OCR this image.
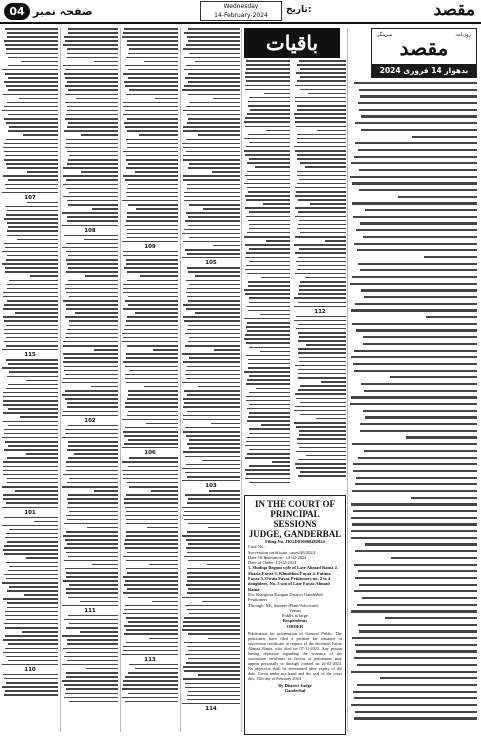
صفحہ نمبر
04	Wednesday
14-February-2024
تاریخ:	مقصد
سرینگر	روزنامہ
مقصد
بدھوار 14 فروری 2024
باقیات
107
115
101
110
108
102
111
109
106
113
105
103
114
112
IN THE COURT OF
PRINCIPAL SESSIONS
JUDGE, GANDERBAL
Filing No. JKGD010000482024
Case No.:
Succession certificate. cases/46/2024
Date Of Institution : 13-02-2024
Date of Order: 13-02-2024
1. Shafiqa Begum wife of Late Ahmad Raina 2. Shazia Fayaz 3. Khushboo Fayaz 4. Fatima Fayaz 5. Owais Fayaz Petitioners no. 2 to 4 daughters, No. 5 son of Late Fayaz Ahmad Raina
R/o Sharipora Kangan District Ganderbal Petitioners
Through: Ms. Sameer (Bant/Advocate)
Versus
Public at large
Respondents
ORDER
Publication for information of General Public. The petitioners have filed a petition for issuance of succession certificate in respect of the deceased Fayaz Ahmad Raina, who died on 07-11-2023. Any person having objection regarding the issuance of the succession certificate in favour of petitioners may appear personally or through counsel on 26-02-2024. No objection shall be entertained after expiry of the date. Given under my hand and the seal of the court this, 13th day of February 2024.
By District Judge
Ganderbal
